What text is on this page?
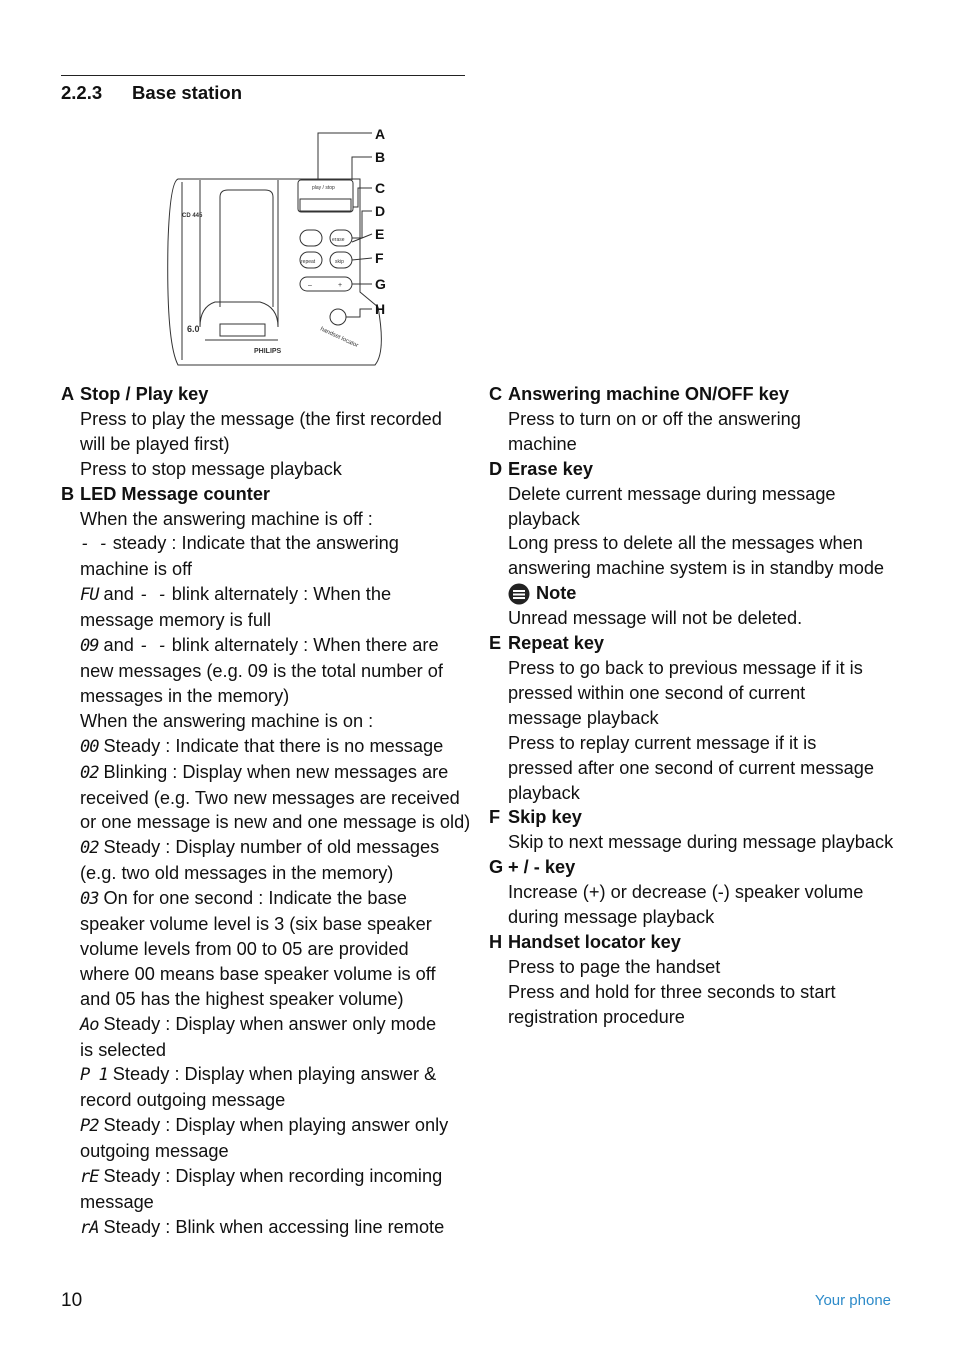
2.2.3 Base station
A
B
C
D
E
F
G
H
CD 445
PHILIPS
6.0
play / stop
erase
repeat	skip
–	+
handset locator
A Stop / Play key
Press to play the message (the first recorded
will be played first)
Press to stop message playback
B LED Message counter
When the answering machine is off :
- - steady : Indicate that the answering
machine is off
FU and - - blink alternately : When the
message memory is full
09 and - - blink alternately : When there are
new messages (e.g. 09 is the total number of
messages in the memory)
When the answering machine is on :
00 Steady : Indicate that there is no message
02 Blinking : Display when new messages are
received (e.g. Two new messages are received
or one message is new and one message is old)
02 Steady : Display number of old messages
(e.g. two old messages in the memory)
03 On for one second : Indicate the base
speaker volume level is 3 (six base speaker
volume levels from 00 to 05 are provided
where 00 means base speaker volume is off
and 05 has the highest speaker volume)
Ao Steady : Display when answer only mode
is selected
P 1 Steady : Display when playing answer &
record outgoing message
P2 Steady : Display when playing answer only
outgoing message
rE Steady : Display when recording incoming
message
rA Steady : Blink when accessing line remote
C Answering machine ON/OFF key
Press to turn on or off the answering
machine
D Erase key
Delete current message during message
playback
Long press to delete all the messages when
answering machine system is in standby mode
Note
Unread message will not be deleted.
E Repeat key
Press to go back to previous message if it is
pressed within one second of current
message playback
Press to replay current message if it is
pressed after one second of current message
playback
F Skip key
Skip to next message during message playback
G + / - key
Increase (+) or decrease (-) speaker volume
during message playback
H Handset locator key
Press to page the handset
Press and hold for three seconds to start
registration procedure
10	Your phone
